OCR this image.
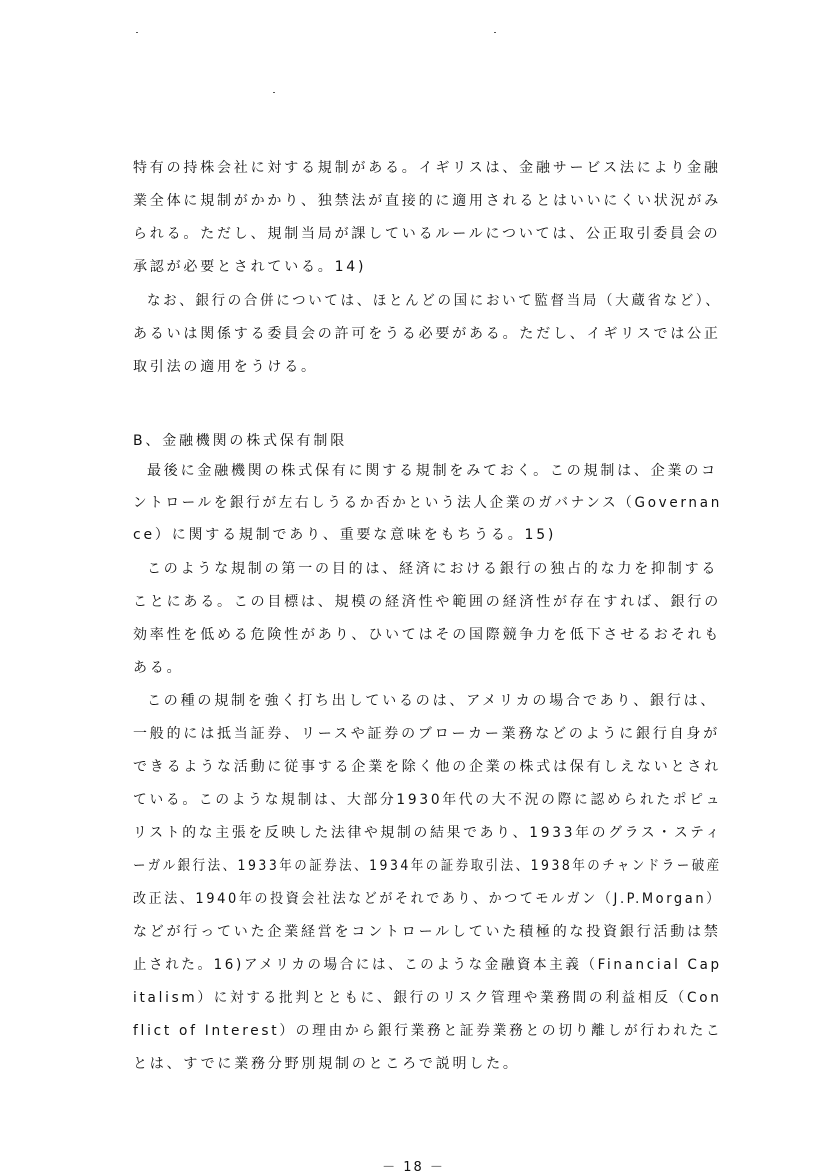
特有の持株会社に対する規制がある。イギリスは、金融サービス法により金融
業全体に規制がかかり、独禁法が直接的に適用されるとはいいにくい状況がみ
られる。ただし、規制当局が課しているルールについては、公正取引委員会の
承認が必要とされている。14)
なお、銀行の合併については、ほとんどの国において監督当局（大蔵省など）、
あるいは関係する委員会の許可をうる必要がある。ただし、イギリスでは公正
取引法の適用をうける。
B、金融機関の株式保有制限
最後に金融機関の株式保有に関する規制をみておく。この規制は、企業のコ
ントロールを銀行が左右しうるか否かという法人企業のガバナンス（Governan
ce）に関する規制であり、重要な意味をもちうる。15)
このような規制の第一の目的は、経済における銀行の独占的な力を抑制する
ことにある。この目標は、規模の経済性や範囲の経済性が存在すれば、銀行の
効率性を低める危険性があり、ひいてはその国際競争力を低下させるおそれも
ある。
この種の規制を強く打ち出しているのは、アメリカの場合であり、銀行は、
一般的には抵当証券、リースや証券のブローカー業務などのように銀行自身が
できるような活動に従事する企業を除く他の企業の株式は保有しえないとされ
ている。このような規制は、大部分1930年代の大不況の際に認められたポピュ
リスト的な主張を反映した法律や規制の結果であり、1933年のグラス・スティ
ーガル銀行法、1933年の証券法、1934年の証券取引法、1938年のチャンドラー破産
改正法、1940年の投資会社法などがそれであり、かつてモルガン（J.P.Morgan）
などが行っていた企業経営をコントロールしていた積極的な投資銀行活動は禁
止された。16)アメリカの場合には、このような金融資本主義（Financial Cap
italism）に対する批判とともに、銀行のリスク管理や業務間の利益相反（Con
flict of Interest）の理由から銀行業務と証券業務との切り離しが行われたこ
とは、すでに業務分野別規制のところで説明した。
－ 18 －
